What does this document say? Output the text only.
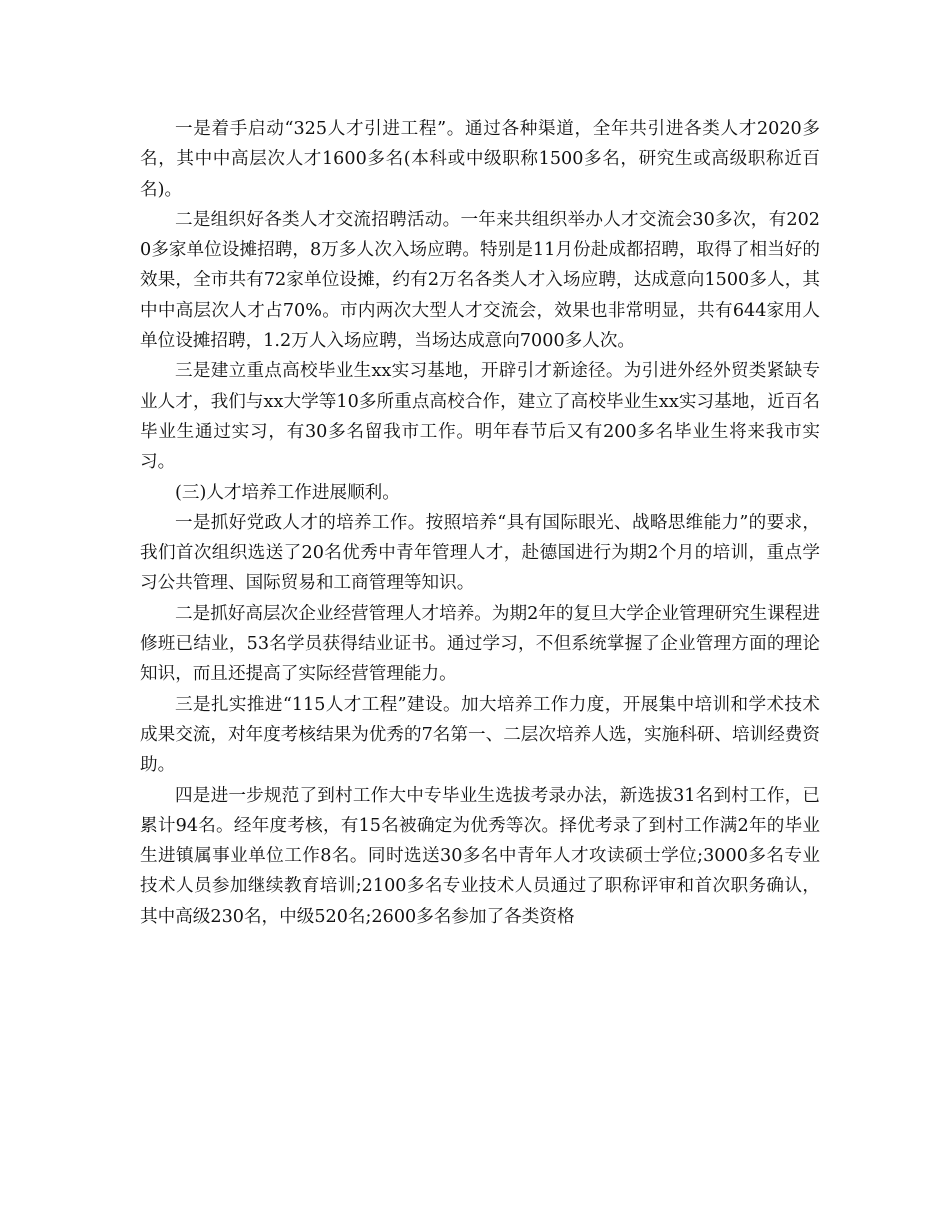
一是着手启动“325人才引进工程”。通过各种渠道，全年共引进各类人才2020多名，其中中高层次人才1600多名(本科或中级职称1500多名，研究生或高级职称近百名)。

二是组织好各类人才交流招聘活动。一年来共组织举办人才交流会30多次，有2020多家单位设摊招聘，8万多人次入场应聘。特别是11月份赴成都招聘，取得了相当好的效果，全市共有72家单位设摊，约有2万名各类人才入场应聘，达成意向1500多人，其中中高层次人才占70%。市内两次大型人才交流会，效果也非常明显，共有644家用人单位设摊招聘，1.2万人入场应聘，当场达成意向7000多人次。

三是建立重点高校毕业生xx实习基地，开辟引才新途径。为引进外经外贸类紧缺专业人才，我们与xx大学等10多所重点高校合作，建立了高校毕业生xx实习基地，近百名毕业生通过实习，有30多名留我市工作。明年春节后又有200多名毕业生将来我市实习。

(三)人才培养工作进展顺利。

一是抓好党政人才的培养工作。按照培养“具有国际眼光、战略思维能力”的要求，我们首次组织选送了20名优秀中青年管理人才，赴德国进行为期2个月的培训，重点学习公共管理、国际贸易和工商管理等知识。

二是抓好高层次企业经营管理人才培养。为期2年的复旦大学企业管理研究生课程进修班已结业，53名学员获得结业证书。通过学习，不但系统掌握了企业管理方面的理论知识，而且还提高了实际经营管理能力。

三是扎实推进“115人才工程”建设。加大培养工作力度，开展集中培训和学术技术成果交流，对年度考核结果为优秀的7名第一、二层次培养人选，实施科研、培训经费资助。

四是进一步规范了到村工作大中专毕业生选拔考录办法，新选拔31名到村工作，已累计94名。经年度考核，有15名被确定为优秀等次。择优考录了到村工作满2年的毕业生进镇属事业单位工作8名。同时选送30多名中青年人才攻读硕士学位;3000多名专业技术人员参加继续教育培训;2100多名专业技术人员通过了职称评审和首次职务确认，其中高级230名，中级520名;2600多名参加了各类资格
